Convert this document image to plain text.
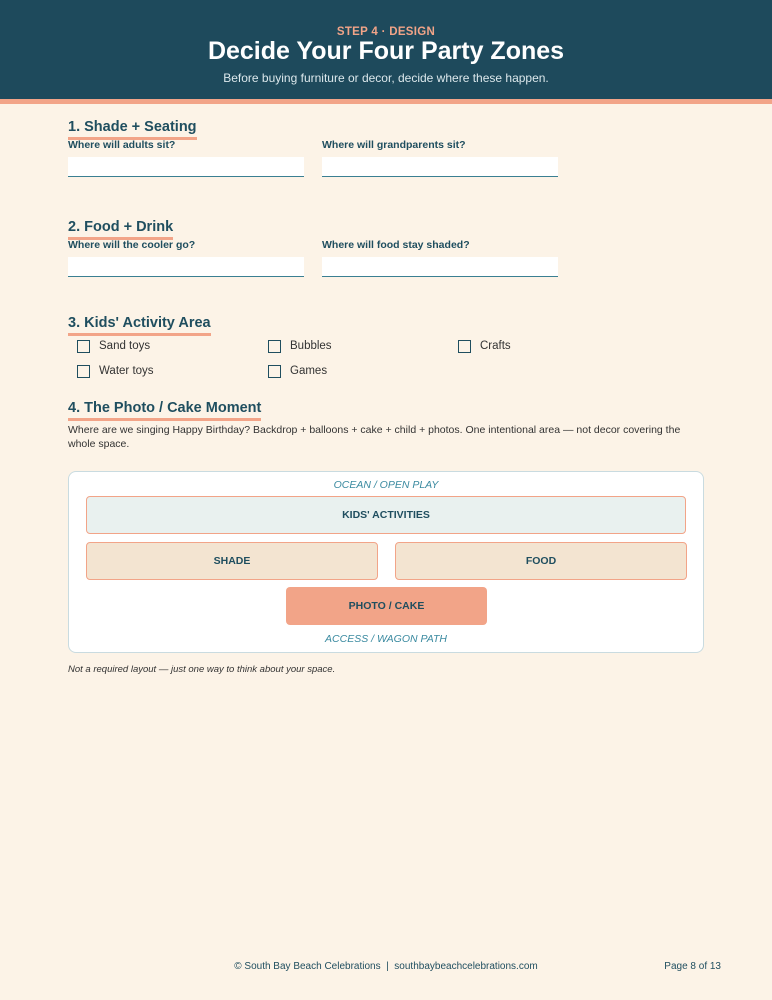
STEP 4 · DESIGN
Decide Your Four Party Zones
Before buying furniture or decor, decide where these happen.
1. Shade + Seating
Where will adults sit?	Where will grandparents sit?
2. Food + Drink
Where will the cooler go?	Where will food stay shaded?
3. Kids' Activity Area
Sand toys	Bubbles	Crafts
Water toys	Games
4. The Photo / Cake Moment
Where are we singing Happy Birthday? Backdrop + balloons + cake + child + photos. One intentional area — not decor covering the whole space.
OCEAN / OPEN PLAY
KIDS' ACTIVITIES
SHADE	FOOD
PHOTO / CAKE
ACCESS / WAGON PATH
Not a required layout — just one way to think about your space.
© South Bay Beach Celebrations  |  southbaybeachcelebrations.com	Page 8 of 13
